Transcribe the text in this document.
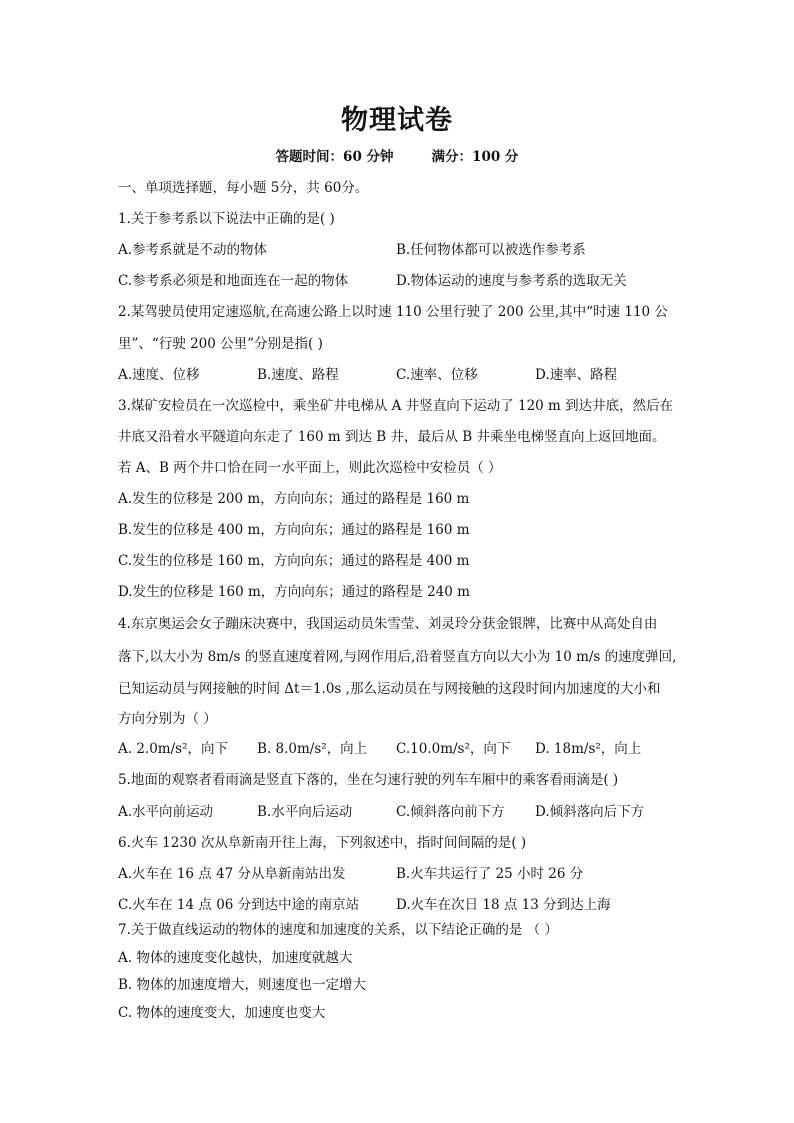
物理试卷
答题时间：60 分钟	满分：100 分
一、单项选择题，每小题 5分，共 60分。
1.关于参考系以下说法中正确的是( )
A.参考系就是不动的物体	B.任何物体都可以被选作参考系
C.参考系必须是和地面连在一起的物体	D.物体运动的速度与参考系的选取无关
2.某驾驶员使用定速巡航,在高速公路上以时速 110 公里行驶了 200 公里,其中“时速 110 公
里”、“行驶 200 公里”分别是指( )
A.速度、位移	B.速度、路程	C.速率、位移	D.速率、路程
3.煤矿安检员在一次巡检中，乘坐矿井电梯从 A 井竖直向下运动了 120 m 到达井底，然后在
井底又沿着水平隧道向东走了 160 m 到达 B 井，最后从 B 井乘坐电梯竖直向上返回地面。
若 A、B 两个井口恰在同一水平面上，则此次巡检中安检员（ ）
A.发生的位移是 200 m，方向向东；通过的路程是 160 m
B.发生的位移是 400 m，方向向东；通过的路程是 160 m
C.发生的位移是 160 m，方向向东；通过的路程是 400 m
D.发生的位移是 160 m，方向向东；通过的路程是 240 m
4.东京奥运会女子蹦床决赛中，我国运动员朱雪莹、刘灵玲分获金银牌，比赛中从高处自由
落下,以大小为 8m/s 的竖直速度着网,与网作用后,沿着竖直方向以大小为 10 m/s 的速度弹回,
已知运动员与网接触的时间 Δt＝1.0s ,那么运动员在与网接触的这段时间内加速度的大小和
方向分别为（ ）
A. 2.0m/s²，向下 B. 8.0m/s²，向上 C.10.0m/s²，向下 D. 18m/s²，向上
5.地面的观察者看雨滴是竖直下落的，坐在匀速行驶的列车车厢中的乘客看雨滴是( )
A.水平向前运动	B.水平向后运动	C.倾斜落向前下方 D.倾斜落向后下方
6.火车 1230 次从阜新南开往上海，下列叙述中，指时间间隔的是( )
A.火车在 16 点 47 分从阜新南站出发	B.火车共运行了 25 小时 26 分
C.火车在 14 点 06 分到达中途的南京站	D.火车在次日 18 点 13 分到达上海
7.关于做直线运动的物体的速度和加速度的关系，以下结论正确的是 （ ）
A. 物体的速度变化越快，加速度就越大
B. 物体的加速度增大，则速度也一定增大
C. 物体的速度变大，加速度也变大
